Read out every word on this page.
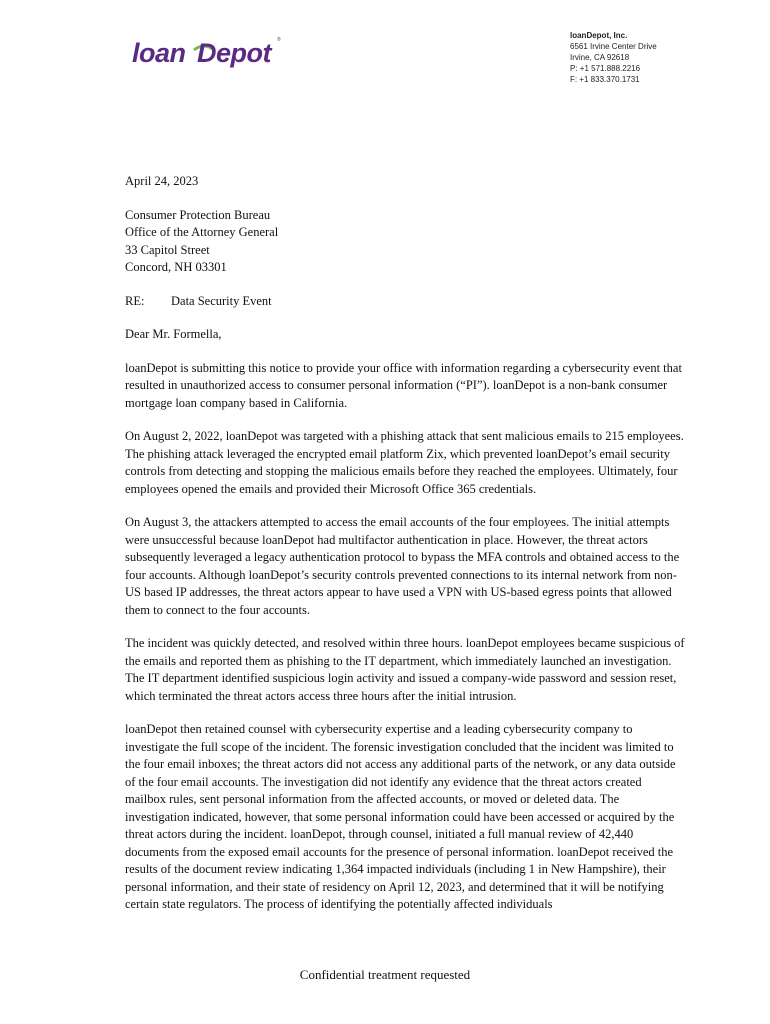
loan Depot	®	loanDepot, Inc.
6561 Irvine Center Drive
Irvine, CA 92618
P: +1 571.888.2216
F: +1 833.370.1731

April 24, 2023

Consumer Protection Bureau
Office of the Attorney General
33 Capitol Street
Concord, NH 03301
RE:	Data Security Event

Dear Mr. Formella,

loanDepot is submitting this notice to provide your office with information regarding a cybersecurity event that resulted in unauthorized access to consumer personal information (“PI”). loanDepot is a non-bank consumer mortgage loan company based in California.

On August 2, 2022, loanDepot was targeted with a phishing attack that sent malicious emails to 215 employees. The phishing attack leveraged the encrypted email platform Zix, which prevented loanDepot’s email security controls from detecting and stopping the malicious emails before they reached the employees. Ultimately, four employees opened the emails and provided their Microsoft Office 365 credentials.

On August 3, the attackers attempted to access the email accounts of the four employees. The initial attempts were unsuccessful because loanDepot had multifactor authentication in place. However, the threat actors subsequently leveraged a legacy authentication protocol to bypass the MFA controls and obtained access to the four accounts. Although loanDepot’s security controls prevented connections to its internal network from non-US based IP addresses, the threat actors appear to have used a VPN with US-based egress points that allowed them to connect to the four accounts.

The incident was quickly detected, and resolved within three hours. loanDepot employees became suspicious of the emails and reported them as phishing to the IT department, which immediately launched an investigation. The IT department identified suspicious login activity and issued a company-wide password and session reset, which terminated the threat actors access three hours after the initial intrusion.

loanDepot then retained counsel with cybersecurity expertise and a leading cybersecurity company to investigate the full scope of the incident. The forensic investigation concluded that the incident was limited to the four email inboxes; the threat actors did not access any additional parts of the network, or any data outside of the four email accounts. The investigation did not identify any evidence that the threat actors created mailbox rules, sent personal information from the affected accounts, or moved or deleted data. The investigation indicated, however, that some personal information could have been accessed or acquired by the threat actors during the incident. loanDepot, through counsel, initiated a full manual review of 42,440 documents from the exposed email accounts for the presence of personal information. loanDepot received the results of the document review indicating 1,364 impacted individuals (including 1 in New Hampshire), their personal information, and their state of residency on April 12, 2023, and determined that it will be notifying certain state regulators. The process of identifying the potentially affected individuals

Confidential treatment requested
